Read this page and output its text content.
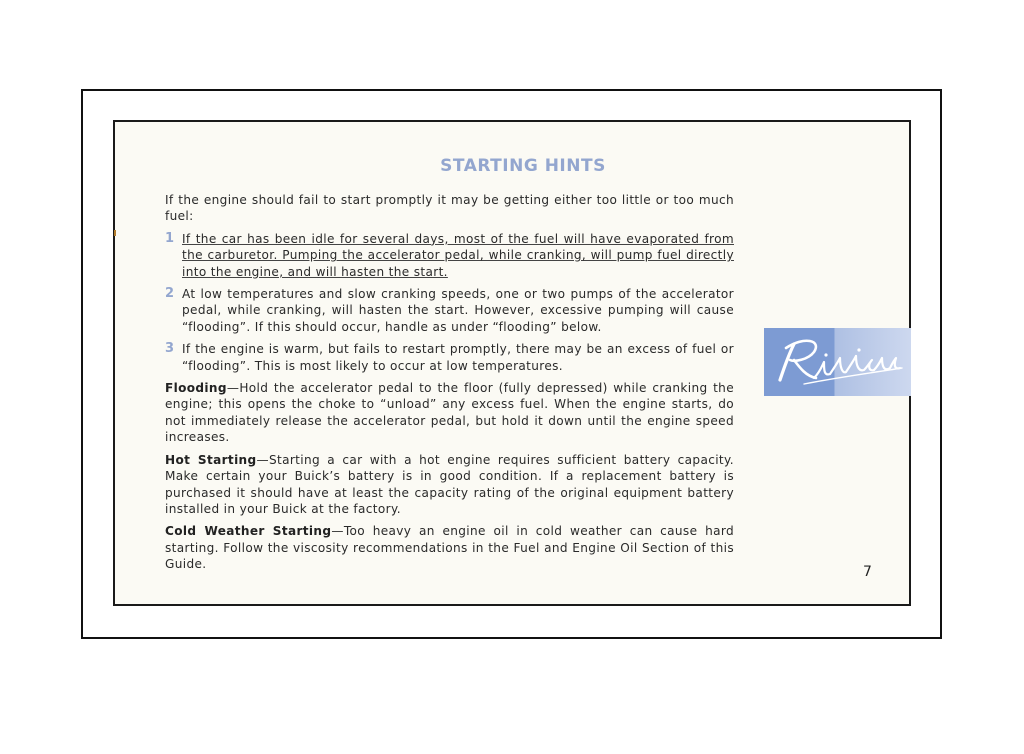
STARTING HINTS

If the engine should fail to start promptly it may be getting either too little or too much fuel:

1 If the car has been idle for several days, most of the fuel will have evaporated from the carburetor. Pumping the accelerator pedal, while cranking, will pump fuel directly into the engine, and will hasten the start.
2 At low temperatures and slow cranking speeds, one or two pumps of the accelerator pedal, while cranking, will hasten the start. However, excessive pumping will cause “flooding”. If this should occur, handle as under “flooding” below.
3 If the engine is warm, but fails to restart promptly, there may be an excess of fuel or “flooding”. This is most likely to occur at low temperatures.

Flooding—Hold the accelerator pedal to the floor (fully depressed) while cranking the engine; this opens the choke to “unload” any excess fuel. When the engine starts, do not immediately release the accelerator pedal, but hold it down until the engine speed increases.

Hot Starting—Starting a car with a hot engine requires sufficient battery capacity. Make certain your Buick’s battery is in good condition. If a replacement battery is purchased it should have at least the capacity rating of the original equipment battery installed in your Buick at the factory.

Cold Weather Starting—Too heavy an engine oil in cold weather can cause hard starting. Follow the viscosity recommendations in the Fuel and Engine Oil Section of this Guide.	7
